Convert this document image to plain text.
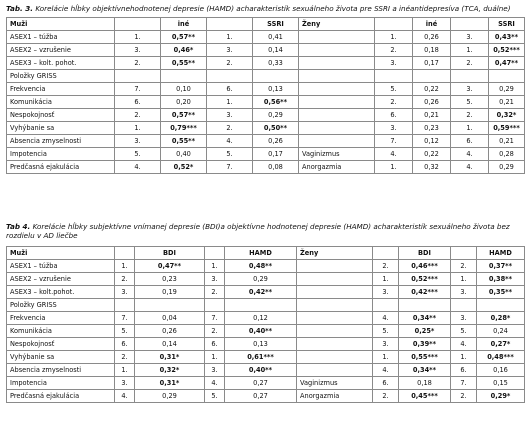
Tab. 3. Korelácie hĺbky objektívnehodnotenej depresie (HAMD) acharakteristík sexuálneho života pre SSRI a inéantidepresíva (TCA, duálne)
Muži		iné		SSRI	Ženy		iné		SSRI
ASEX1 – túžba	1.	0,57**	1.	0,41		1.	0,26	3.	0,43**
ASEX2 – vzrušenie	3.	0,46*	3.	0,14		2.	0,18	1.	0,52***
ASEX3 – kolt. pohot.	2.	0,55**	2.	0,33		3.	0,17	2.	0,47**
Položky GRISS									
Frekvencia	7.	0,10	6.	0,13		5.	0,22	3.	0,29
Komunikácia	6.	0,20	1.	0,56**		2.	0,26	5.	0,21
Nespokojnosť	2.	0,57**	3.	0,29		6.	0,21	2.	0,32*
Vyhýbanie sa	1.	0,79***	2.	0,50**		3.	0,23	1.	0,59***
Absencia zmyselnosti	3.	0,55**	4.	0,26		7.	0,12	6.	0,21
Impotencia	5.	0,40	5.	0,17	Vaginizmus	4.	0,22	4.	0,28
Predčasná ejakulácia	4.	0,52*	7.	0,08	Anorgazmia	1.	0,32	4.	0,29
Tab 4. Korelácie hĺbky subjektívne vnímanej depresie (BDI)a objektívne hodnotenej depresie (HAMD) acharakteristík sexuálneho života bez rozdielu v AD liečbe
Muži		BDI		HAMD	Ženy		BDI		HAMD
ASEX1 – túžba	1.	0,47**	1.	0,48**		2.	0,46***	2.	0,37**
ASEX2 – vzrušenie	2.	0,23	3.	0,29		1.	0,52***	1.	0,38**
ASEX3 – kolt.pohot.	3.	0,19	2.	0,42**		3.	0,42***	3.	0,35**
Položky GRISS									
Frekvencia	7.	0,04	7.	0,12		4.	0,34**	3.	0,28*
Komunikácia	5.	0,26	2.	0,40**		5.	0,25*	5.	0,24
Nespokojnosť	6.	0,14	6.	0,13		3.	0,39**	4.	0,27*
Vyhýbanie sa	2.	0,31*	1.	0,61***		1.	0,55***	1.	0,48***
Absencia zmyselnosti	1.	0,32*	3.	0,40**		4.	0,34**	6.	0,16
Impotencia	3.	0,31*	4.	0,27	Vaginizmus	6.	0,18	7.	0,15
Predčasná ejakulácia	4.	0,29	5.	0,27	Anorgazmia	2.	0,45***	2.	0,29*
